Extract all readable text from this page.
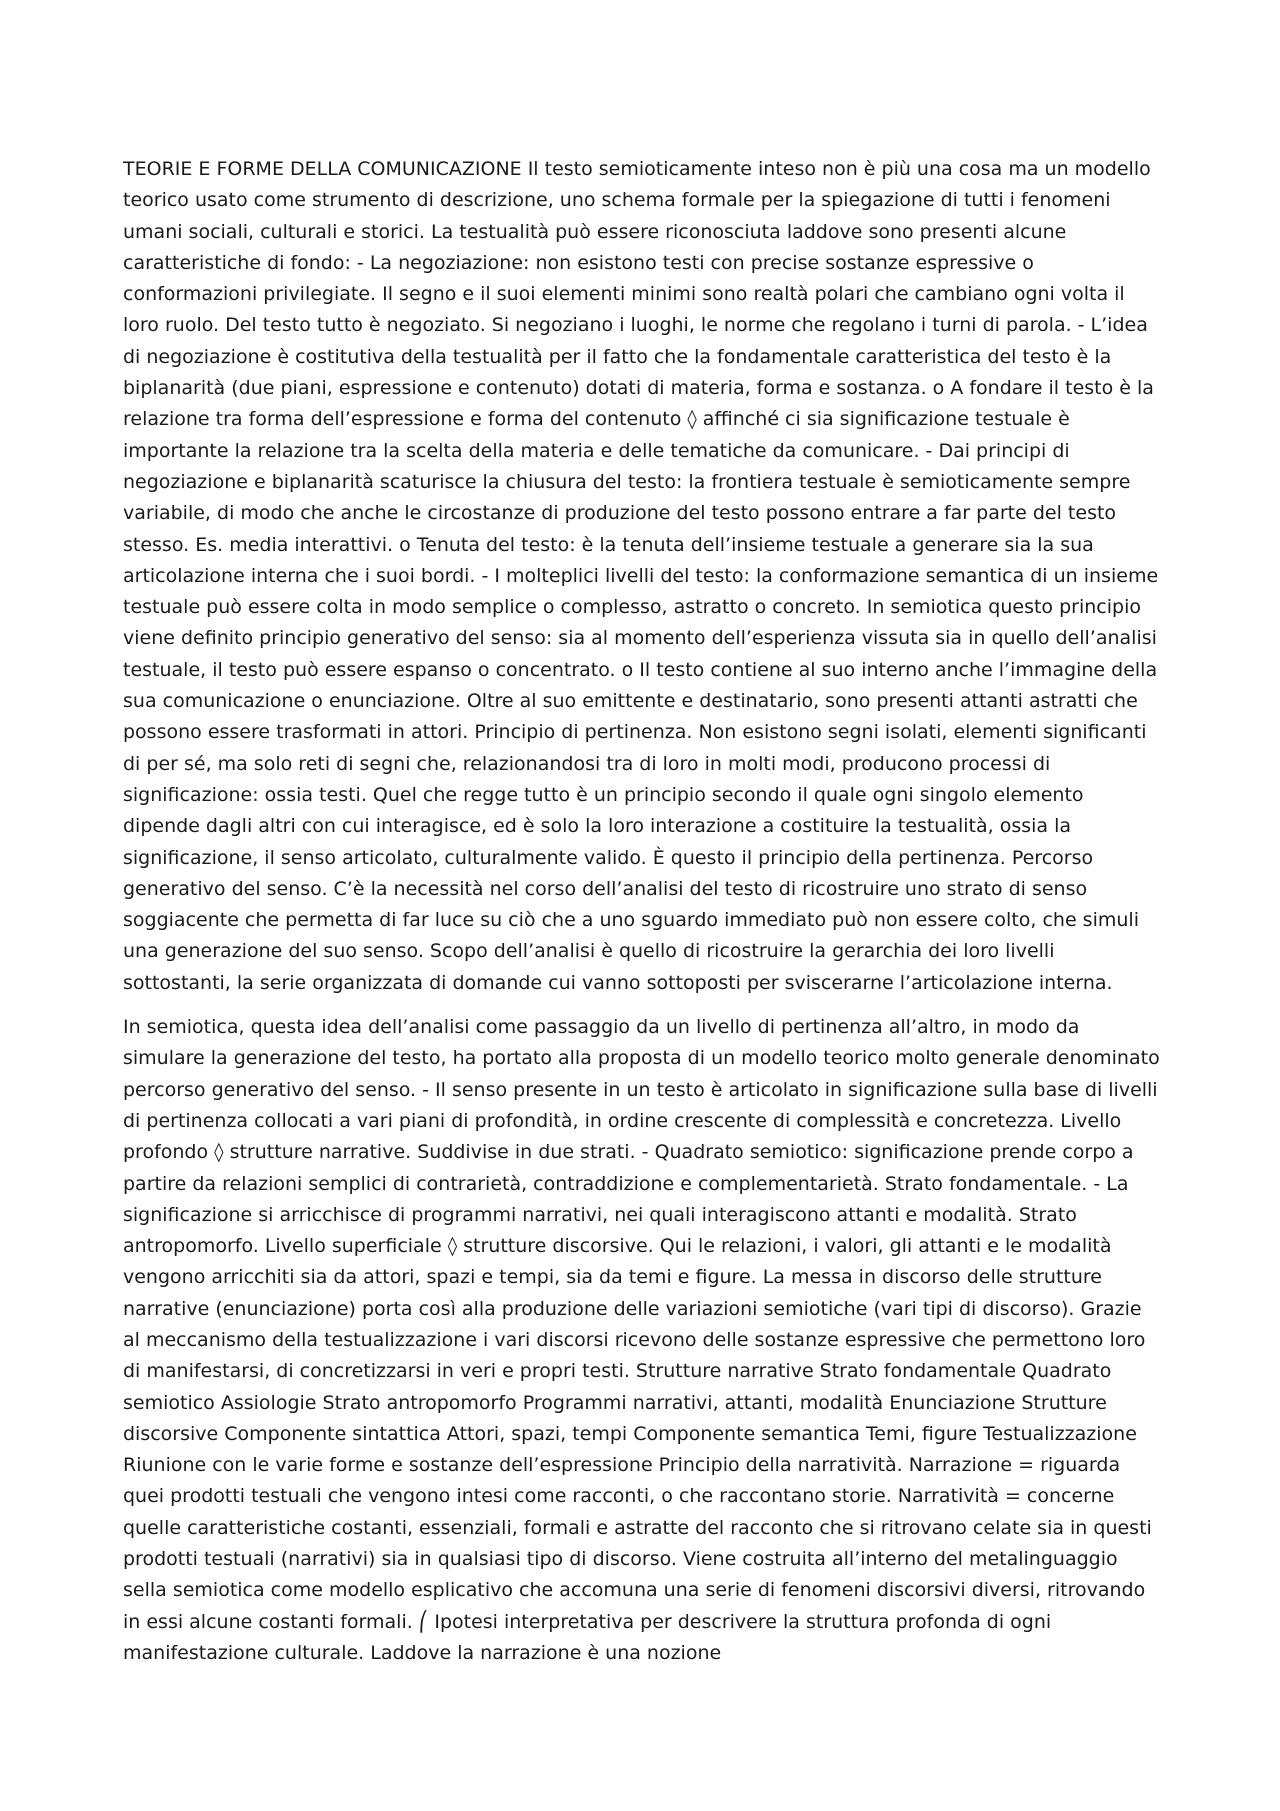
TEORIE E FORME DELLA COMUNICAZIONE Il testo semioticamente inteso non è più una cosa ma un modello teorico usato come strumento di descrizione, uno schema formale per la spiegazione di tutti i fenomeni umani sociali, culturali e storici. La testualità può essere riconosciuta laddove sono presenti alcune caratteristiche di fondo: - La negoziazione: non esistono testi con precise sostanze espressive o conformazioni privilegiate. Il segno e il suoi elementi minimi sono realtà polari che cambiano ogni volta il loro ruolo. Del testo tutto è negoziato. Si negoziano i luoghi, le norme che regolano i turni di parola. - L’idea di negoziazione è costitutiva della testualità per il fatto che la fondamentale caratteristica del testo è la biplanarità (due piani, espressione e contenuto) dotati di materia, forma e sostanza. o A fondare il testo è la relazione tra forma dell’espressione e forma del contenuto ◊ affinché ci sia significazione testuale è importante la relazione tra la scelta della materia e delle tematiche da comunicare. - Dai principi di negoziazione e biplanarità scaturisce la chiusura del testo: la frontiera testuale è semioticamente sempre variabile, di modo che anche le circostanze di produzione del testo possono entrare a far parte del testo stesso. Es. media interattivi. o Tenuta del testo: è la tenuta dell’insieme testuale a generare sia la sua articolazione interna che i suoi bordi. - I molteplici livelli del testo: la conformazione semantica di un insieme testuale può essere colta in modo semplice o complesso, astratto o concreto. In semiotica questo principio viene definito principio generativo del senso: sia al momento dell’esperienza vissuta sia in quello dell’analisi testuale, il testo può essere espanso o concentrato. o Il testo contiene al suo interno anche l’immagine della sua comunicazione o enunciazione. Oltre al suo emittente e destinatario, sono presenti attanti astratti che possono essere trasformati in attori. Principio di pertinenza. Non esistono segni isolati, elementi significanti di per sé, ma solo reti di segni che, relazionandosi tra di loro in molti modi, producono processi di significazione: ossia testi. Quel che regge tutto è un principio secondo il quale ogni singolo elemento dipende dagli altri con cui interagisce, ed è solo la loro interazione a costituire la testualità, ossia la significazione, il senso articolato, culturalmente valido. È questo il principio della pertinenza. Percorso generativo del senso. C’è la necessità nel corso dell’analisi del testo di ricostruire uno strato di senso soggiacente che permetta di far luce su ciò che a uno sguardo immediato può non essere colto, che simuli una generazione del suo senso. Scopo dell’analisi è quello di ricostruire la gerarchia dei loro livelli sottostanti, la serie organizzata di domande cui vanno sottoposti per sviscerarne l’articolazione interna.

In semiotica, questa idea dell’analisi come passaggio da un livello di pertinenza all’altro, in modo da simulare la generazione del testo, ha portato alla proposta di un modello teorico molto generale denominato percorso generativo del senso. - Il senso presente in un testo è articolato in significazione sulla base di livelli di pertinenza collocati a vari piani di profondità, in ordine crescente di complessità e concretezza. Livello profondo ◊ strutture narrative. Suddivise in due strati. - Quadrato semiotico: significazione prende corpo a partire da relazioni semplici di contrarietà, contraddizione e complementarietà. Strato fondamentale. - La significazione si arricchisce di programmi narrativi, nei quali interagiscono attanti e modalità. Strato antropomorfo. Livello superficiale ◊ strutture discorsive. Qui le relazioni, i valori, gli attanti e le modalità vengono arricchiti sia da attori, spazi e tempi, sia da temi e figure. La messa in discorso delle strutture narrative (enunciazione) porta così alla produzione delle variazioni semiotiche (vari tipi di discorso). Grazie al meccanismo della testualizzazione i vari discorsi ricevono delle sostanze espressive che permettono loro di manifestarsi, di concretizzarsi in veri e propri testi. Strutture narrative Strato fondamentale Quadrato semiotico Assiologie Strato antropomorfo Programmi narrativi, attanti, modalità Enunciazione Strutture discorsive Componente sintattica Attori, spazi, tempi Componente semantica Temi, figure Testualizzazione Riunione con le varie forme e sostanze dell’espressione Principio della narratività. Narrazione = riguarda quei prodotti testuali che vengono intesi come racconti, o che raccontano storie. Narratività = concerne quelle caratteristiche costanti, essenziali, formali e astratte del racconto che si ritrovano celate sia in questi prodotti testuali (narrativi) sia in qualsiasi tipo di discorso. Viene costruita all’interno del metalinguaggio sella semiotica come modello esplicativo che accomuna una serie di fenomeni discorsivi diversi, ritrovando in essi alcune costanti formali. ⎛ Ipotesi interpretativa per descrivere la struttura profonda di ogni manifestazione culturale. Laddove la narrazione è una nozione
